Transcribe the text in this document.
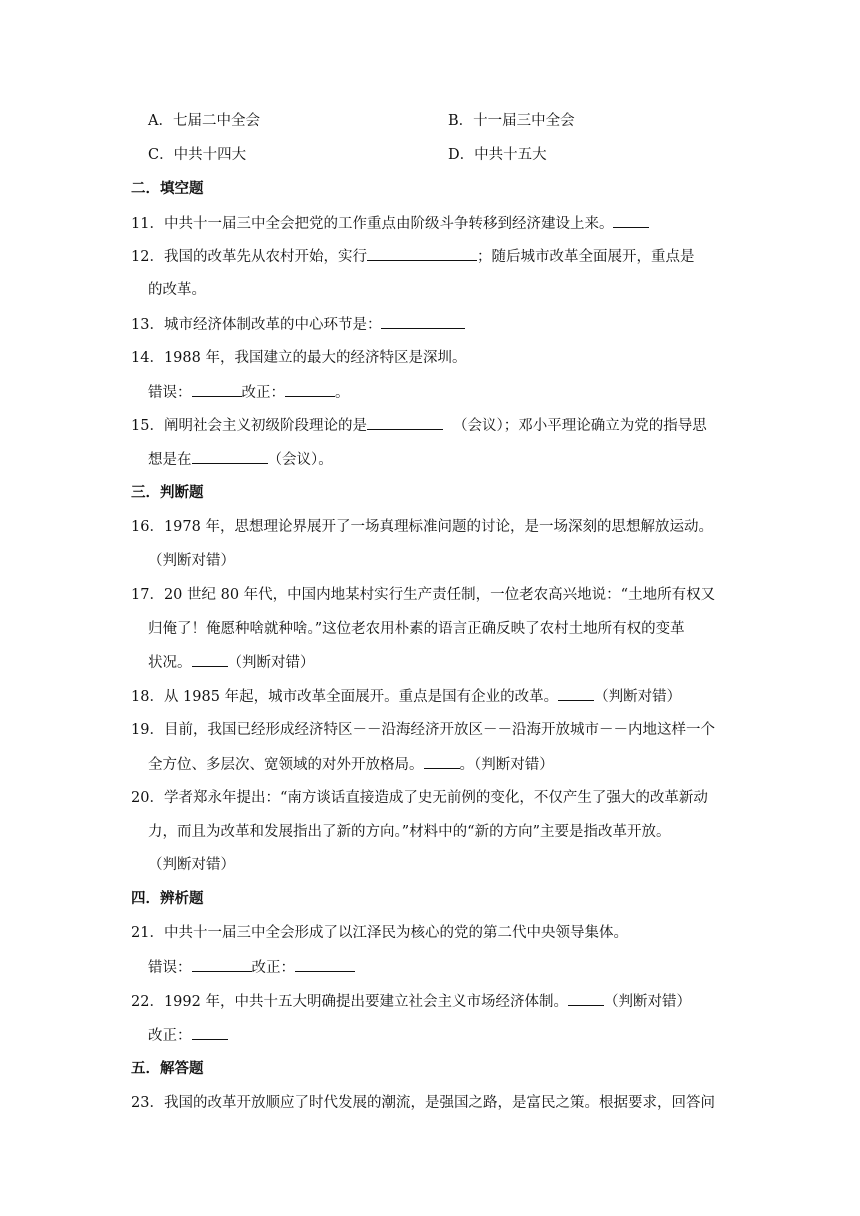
A．七届二中全会	B．十一届三中全会
C．中共十四大	D．中共十五大
二．填空题
11．中共十一届三中全会把党的工作重点由阶级斗争转移到经济建设上来。
12．我国的改革先从农村开始，实行	；随后城市改革全面展开，重点是
的改革。
13．城市经济体制改革的中心环节是：
14．1988 年，我国建立的最大的经济特区是深圳。
错误：	改正：	。
15．阐明社会主义初级阶段理论的是	（会议）；邓小平理论确立为党的指导思
想是在	（会议）。
三．判断题
16．1978 年，思想理论界展开了一场真理标准问题的讨论，是一场深刻的思想解放运动。
（判断对错）
17．20 世纪 80 年代，中国内地某村实行生产责任制，一位老农高兴地说：“土地所有权又
归俺了！俺愿种啥就种啥。”这位老农用朴素的语言正确反映了农村土地所有权的变革
状况。 （判断对错）
18．从 1985 年起，城市改革全面展开。重点是国有企业的改革。 （判断对错）
19．目前，我国已经形成经济特区－－沿海经济开放区－－沿海开放城市－－内地这样一个
全方位、多层次、宽领域的对外开放格局。 。（判断对错）
20．学者郑永年提出：“南方谈话直接造成了史无前例的变化，不仅产生了强大的改革新动
力，而且为改革和发展指出了新的方向。”材料中的“新的方向”主要是指改革开放。
（判断对错）
四．辨析题
21．中共十一届三中全会形成了以江泽民为核心的党的第二代中央领导集体。
错误：	改正：
22．1992 年，中共十五大明确提出要建立社会主义市场经济体制。 （判断对错）
改正：
五．解答题
23．我国的改革开放顺应了时代发展的潮流，是强国之路，是富民之策。根据要求，回答问
